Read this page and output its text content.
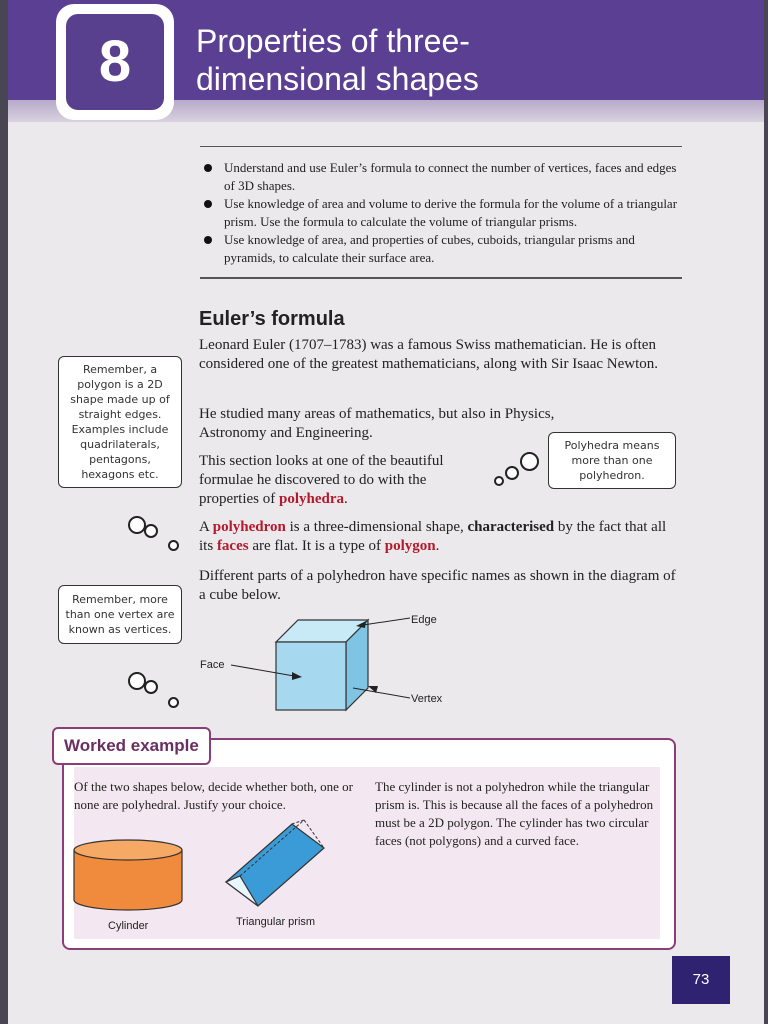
8	Properties of three-
dimensional shapes
Understand and use Euler’s formula to connect the number of vertices, faces and edges of 3D shapes.
Use knowledge of area and volume to derive the formula for the volume of a triangular prism. Use the formula to calculate the volume of triangular prisms.
Use knowledge of area, and properties of cubes, cuboids, triangular prisms and pyramids, to calculate their surface area.
Euler’s formula
Leonard Euler (1707–1783) was a famous Swiss mathematician. He is often considered one of the greatest mathematicians, along with Sir Isaac Newton.
He studied many areas of mathematics, but also in Physics, Astronomy and Engineering.
This section looks at one of the beautiful formulae he discovered to do with the properties of polyhedra.
A polyhedron is a three-dimensional shape, characterised by the fact that all its faces are flat. It is a type of polygon.
Different parts of a polyhedron have specific names as shown in the diagram of a cube below.
Remember, a polygon is a 2D shape made up of straight edges. Examples include quadrilaterals, pentagons, hexagons etc.
Remember, more than one vertex are known as vertices.
Polyhedra means more than one polyhedron.
Edge
Face
Vertex
Worked example
Of the two shapes below, decide whether both, one or none are polyhedral. Justify your choice.
The cylinder is not a polyhedron while the triangular prism is. This is because all the faces of a polyhedron must be a 2D polygon. The cylinder has two circular faces (not polygons) and a curved face.
Cylinder	Triangular prism
73
